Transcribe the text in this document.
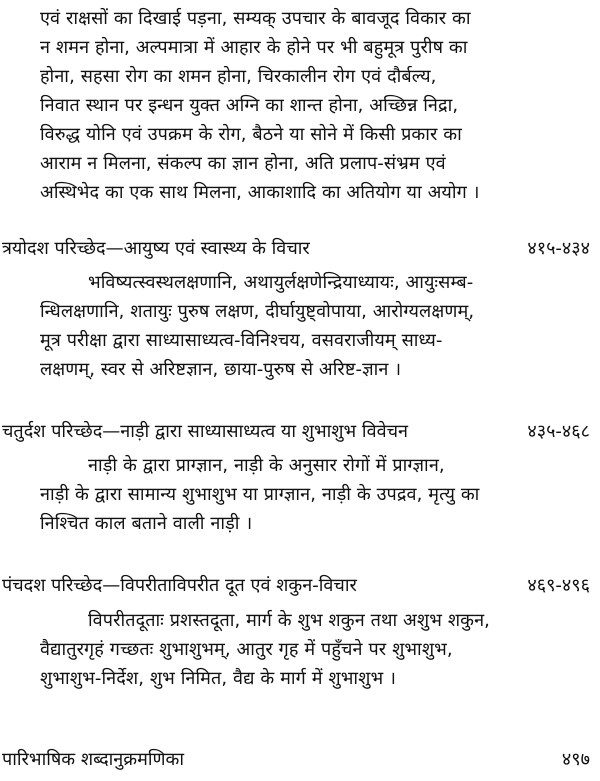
एवं राक्षसों का दिखाई पड़ना, सम्यक् उपचार के बावजूद विकार का
न शमन होना, अल्पमात्रा में आहार के होने पर भी बहुमूत्र पुरीष का
होना, सहसा रोग का शमन होना, चिरकालीन रोग एवं दौर्बल्य,
निवात स्थान पर इन्धन युक्त अग्नि का शान्त होना, अच्छिन्न निद्रा,
विरुद्ध योनि एवं उपक्रम के रोग, बैठने या सोने में किसी प्रकार का
आराम न मिलना, संकल्प का ज्ञान होना, अति प्रलाप-संभ्रम एवं
अस्थिभेद का एक साथ मिलना, आकाशादि का अतियोग या अयोग ।
त्रयोदश परिच्छेद—आयुष्य एवं स्वास्थ्य के विचार	४१५-४३४
भविष्यत्स्वस्थलक्षणानि, अथायुर्लक्षणेन्द्रियाध्यायः, आयुःसम्ब-
न्धिलक्षणानि, शतायुः पुरुष लक्षण, दीर्घायुष्ट्वोपाया, आरोग्यलक्षणम्,
मूत्र परीक्षा द्वारा साध्यासाध्यत्व-विनिश्चय, वसवराजीयम् साध्य-
लक्षणम्, स्वर से अरिष्टज्ञान, छाया-पुरुष से अरिष्ट-ज्ञान ।
चतुर्दश परिच्छेद—नाड़ी द्वारा साध्यासाध्यत्व या शुभाशुभ विवेचन	४३५-४६८
नाड़ी के द्वारा प्राग्ज्ञान, नाड़ी के अनुसार रोगों में प्राग्ज्ञान,
नाड़ी के द्वारा सामान्य शुभाशुभ या प्राग्ज्ञान, नाड़ी के उपद्रव, मृत्यु का
निश्चित काल बताने वाली नाड़ी ।
पंचदश परिच्छेद—विपरीताविपरीत दूत एवं शकुन-विचार	४६९-४९६
विपरीतदूताः प्रशस्तदूता, मार्ग के शुभ शकुन तथा अशुभ शकुन,
वैद्यातुरगृहं गच्छतः शुभाशुभम्, आतुर गृह में पहुँचने पर शुभाशुभ,
शुभाशुभ-निर्देश, शुभ निमित, वैद्य के मार्ग में शुभाशुभ ।
पारिभाषिक शब्दानुक्रमणिका	४९७
